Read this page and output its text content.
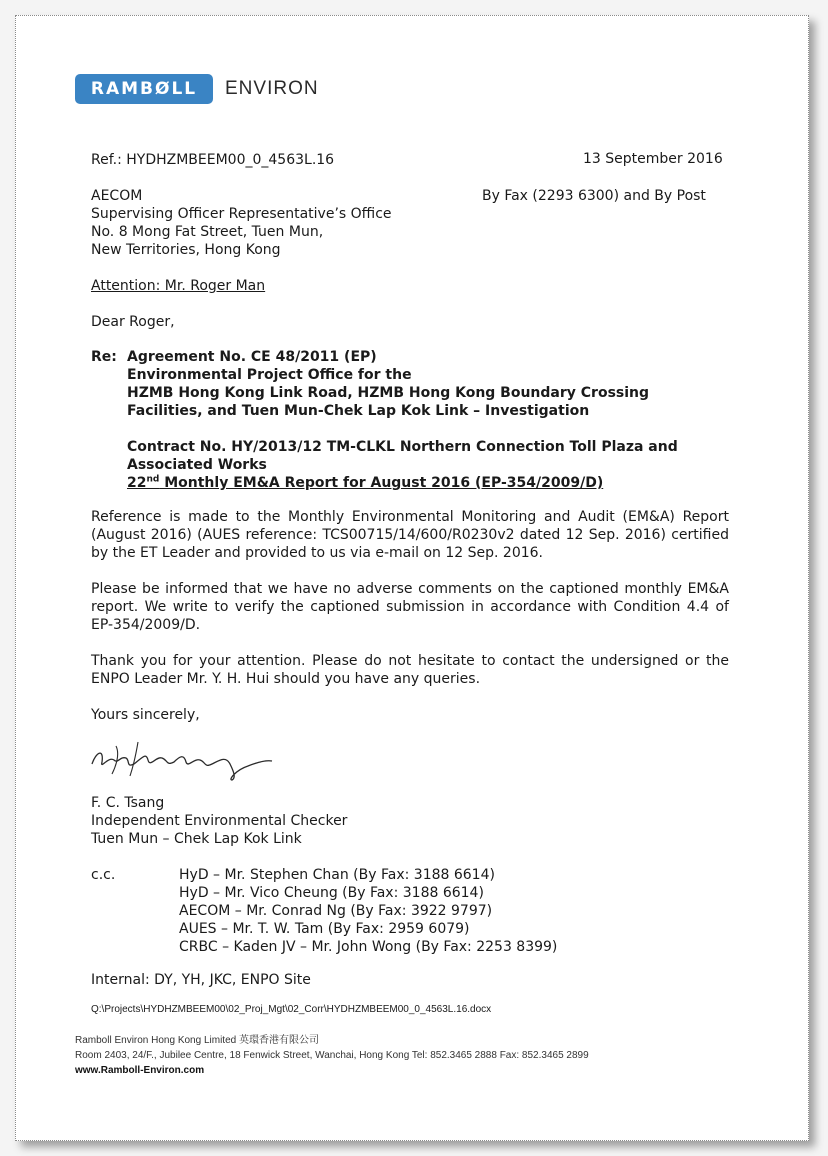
RAMBØLL	ENVIRON
Ref.: HYDHZMBEEM00_0_4563L.16	13 September 2016
AECOM
Supervising Officer Representative’s Office
No. 8 Mong Fat Street, Tuen Mun,
New Territories, Hong Kong
By Fax (2293 6300) and By Post
Attention: Mr. Roger Man
Dear Roger,
Re: Agreement No. CE 48/2011 (EP)
Environmental Project Office for the
HZMB Hong Kong Link Road, HZMB Hong Kong Boundary Crossing
Facilities, and Tuen Mun-Chek Lap Kok Link – Investigation
Contract No. HY/2013/12 TM-CLKL Northern Connection Toll Plaza and
Associated Works
22nd Monthly EM&A Report for August 2016 (EP-354/2009/D)
Reference is made to the Monthly Environmental Monitoring and Audit (EM&A) Report (August 2016) (AUES reference: TCS00715/14/600/R0230v2 dated 12 Sep. 2016) certified by the ET Leader and provided to us via e-mail on 12 Sep. 2016.
Please be informed that we have no adverse comments on the captioned monthly EM&A report. We write to verify the captioned submission in accordance with Condition 4.4 of EP-354/2009/D.
Thank you for your attention. Please do not hesitate to contact the undersigned or the ENPO Leader Mr. Y. H. Hui should you have any queries.
Yours sincerely,
F. C. Tsang
Independent Environmental Checker
Tuen Mun – Chek Lap Kok Link
c.c.	HyD – Mr. Stephen Chan (By Fax: 3188 6614)
HyD – Mr. Vico Cheung (By Fax: 3188 6614)
AECOM – Mr. Conrad Ng (By Fax: 3922 9797)
AUES – Mr. T. W. Tam (By Fax: 2959 6079)
CRBC – Kaden JV – Mr. John Wong (By Fax: 2253 8399)
Internal: DY, YH, JKC, ENPO Site
Q:\Projects\HYDHZMBEEM00\02_Proj_Mgt\02_Corr\HYDHZMBEEM00_0_4563L.16.docx
Ramboll Environ Hong Kong Limited 英環香港有限公司
Room 2403, 24/F., Jubilee Centre, 18 Fenwick Street, Wanchai, Hong Kong Tel: 852.3465 2888 Fax: 852.3465 2899
www.Ramboll-Environ.com
